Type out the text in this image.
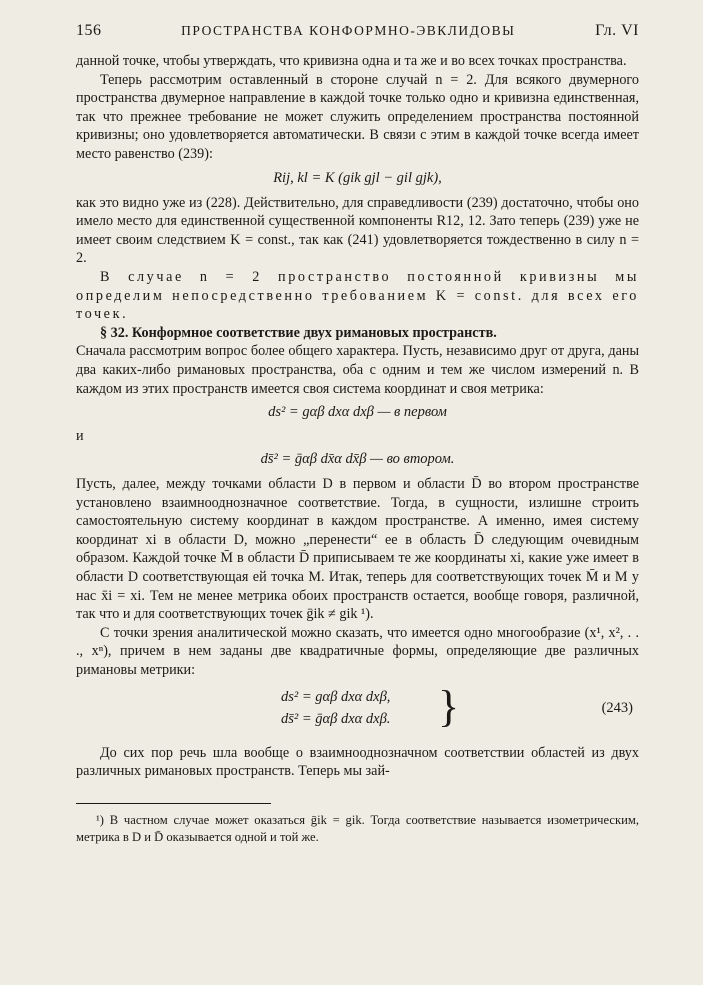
156	ПРОСТРАНСТВА КОНФОРМНО-ЭВКЛИДОВЫ	Гл. VI

данной точке, чтобы утверждать, что кривизна одна и та же и во всех точках пространства.

Теперь рассмотрим оставленный в стороне случай n = 2. Для всякого двумерного пространства двумерное направление в каждой точке только одно и кривизна единственная, так что прежнее требование не может служить определением пространства постоянной кривизны; оно удовлетворяется автоматически. В связи с этим в каждой точке всегда имеет место равенство (239):

Rij, kl = K (gik gjl − gil gjk),

как это видно уже из (228). Действительно, для справедливости (239) достаточно, чтобы оно имело место для единственной существенной компоненты R12, 12. Зато теперь (239) уже не имеет своим следствием K = const., так как (241) удовлетворяется тождественно в силу n = 2.

В случае n = 2 пространство постоянной кривизны мы определим непосредственно требованием K = const. для всех его точек.

§ 32. Конформное соответствие двух римановых пространств.

Сначала рассмотрим вопрос более общего характера. Пусть, независимо друг от друга, даны два каких-либо римановых пространства, оба с одним и тем же числом измерений n. В каждом из этих пространств имеется своя система координат и своя метрика:

ds² = gαβ dxα dxβ — в первом
и
ds̄² = ḡαβ dx̄α dx̄β — во втором.

Пусть, далее, между точками области D в первом и области D̄ во втором пространстве установлено взаимнооднозначное соответствие. Тогда, в сущности, излишне строить самостоятельную систему координат в каждом пространстве. А именно, имея систему координат xi в области D, можно „перенести“ ее в область D̄ следующим очевидным образом. Каждой точке M̄ в области D̄ приписываем те же координаты xi, какие уже имеет в области D соответствующая ей точка M. Итак, теперь для соответствующих точек M̄ и M у нас x̄i = xi. Тем не менее метрика обоих пространств остается, вообще говоря, различной, так что и для соответствующих точек ḡik ≠ gik ¹).

С точки зрения аналитической можно сказать, что имеется одно многообразие (x¹, x², . . ., xⁿ), причем в нем заданы две квадратичные формы, определяющие две различных римановы метрики:

ds² = gαβ dxα dxβ,
ds̄² = ḡαβ dxα dxβ. }	(243)

До сих пор речь шла вообще о взаимнооднозначном соответствии областей из двух различных римановых пространств. Теперь мы зай-

¹) В частном случае может оказаться ḡik = gik. Тогда соответствие называется изометрическим, метрика в D и D̄ оказывается одной и той же.
